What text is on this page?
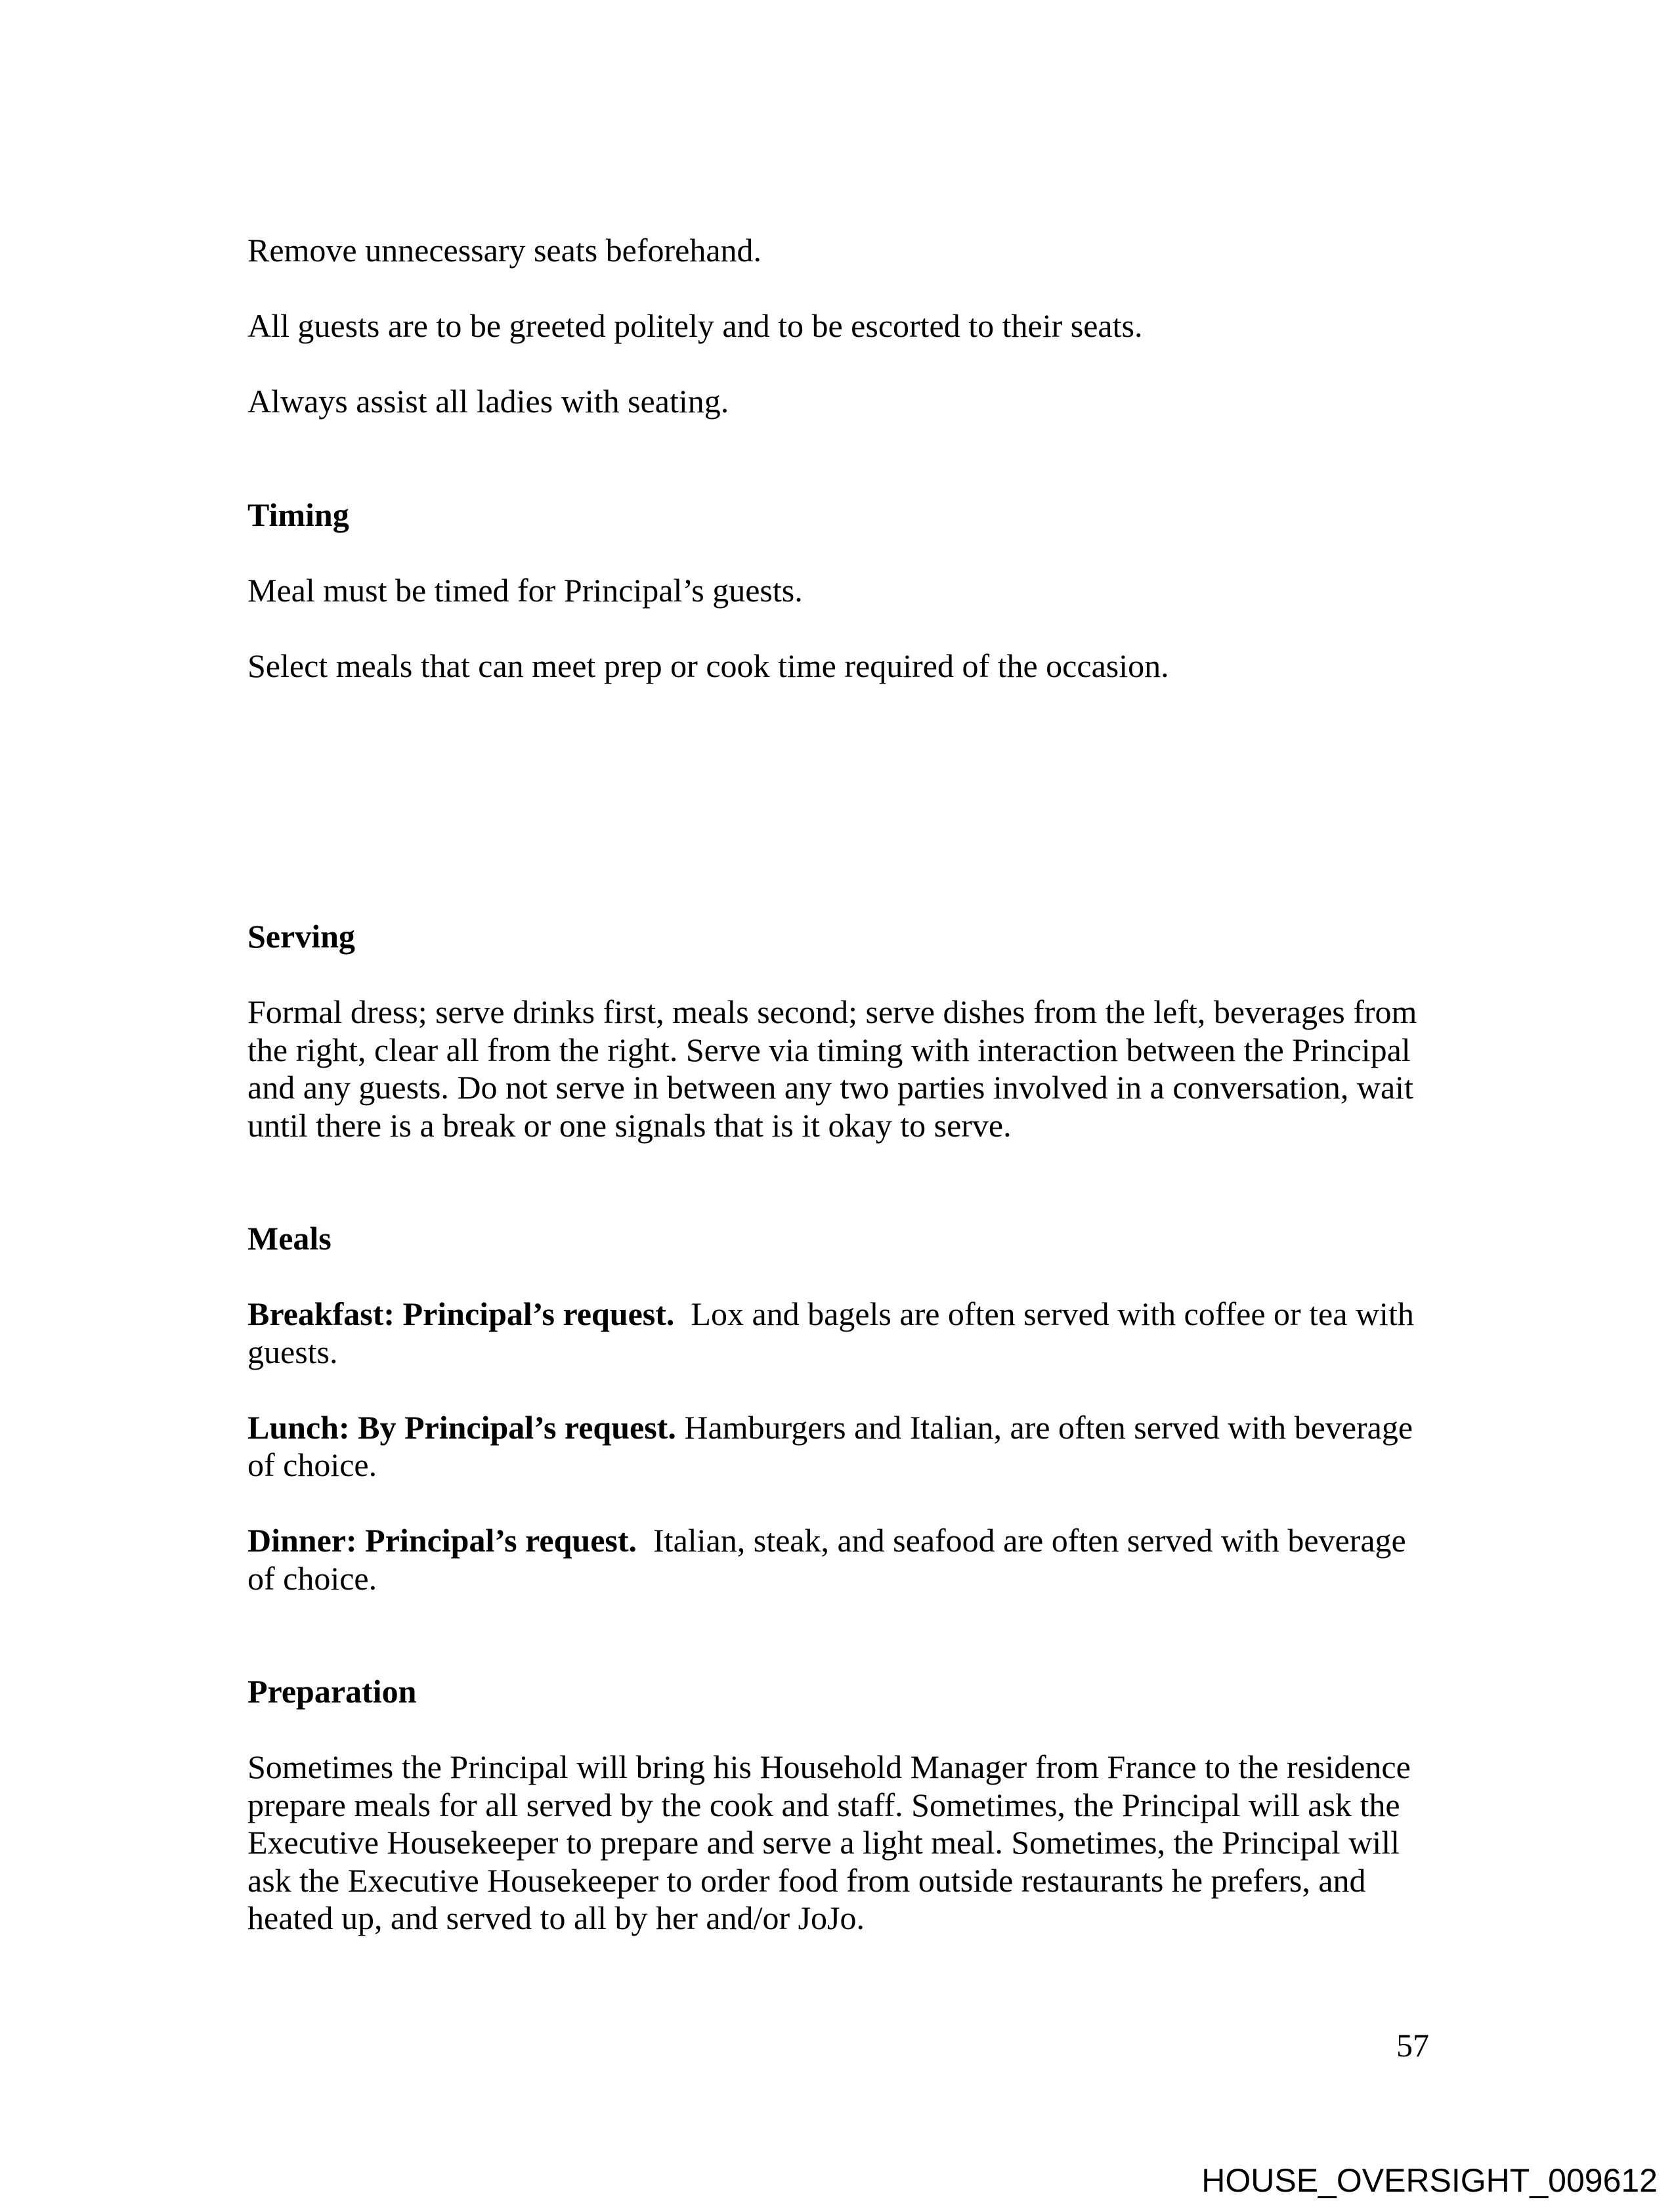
Remove unnecessary seats beforehand.

All guests are to be greeted politely and to be escorted to their seats.

Always assist all ladies with seating.

Timing

Meal must be timed for Principal’s guests.

Select meals that can meet prep or cook time required of the occasion.

Serving

Formal dress; serve drinks first, meals second; serve dishes from the left, beverages from the right, clear all from the right. Serve via timing with interaction between the Principal and any guests. Do not serve in between any two parties involved in a conversation, wait until there is a break or one signals that is it okay to serve.

Meals

Breakfast: Principal’s request.  Lox and bagels are often served with coffee or tea with guests.

Lunch: By Principal’s request. Hamburgers and Italian, are often served with beverage of choice.

Dinner: Principal’s request.  Italian, steak, and seafood are often served with beverage of choice.

Preparation

Sometimes the Principal will bring his Household Manager from France to the residence prepare meals for all served by the cook and staff. Sometimes, the Principal will ask the Executive Housekeeper to prepare and serve a light meal. Sometimes, the Principal will ask the Executive Housekeeper to order food from outside restaurants he prefers, and heated up, and served to all by her and/or JoJo.

57
HOUSE_OVERSIGHT_009612
